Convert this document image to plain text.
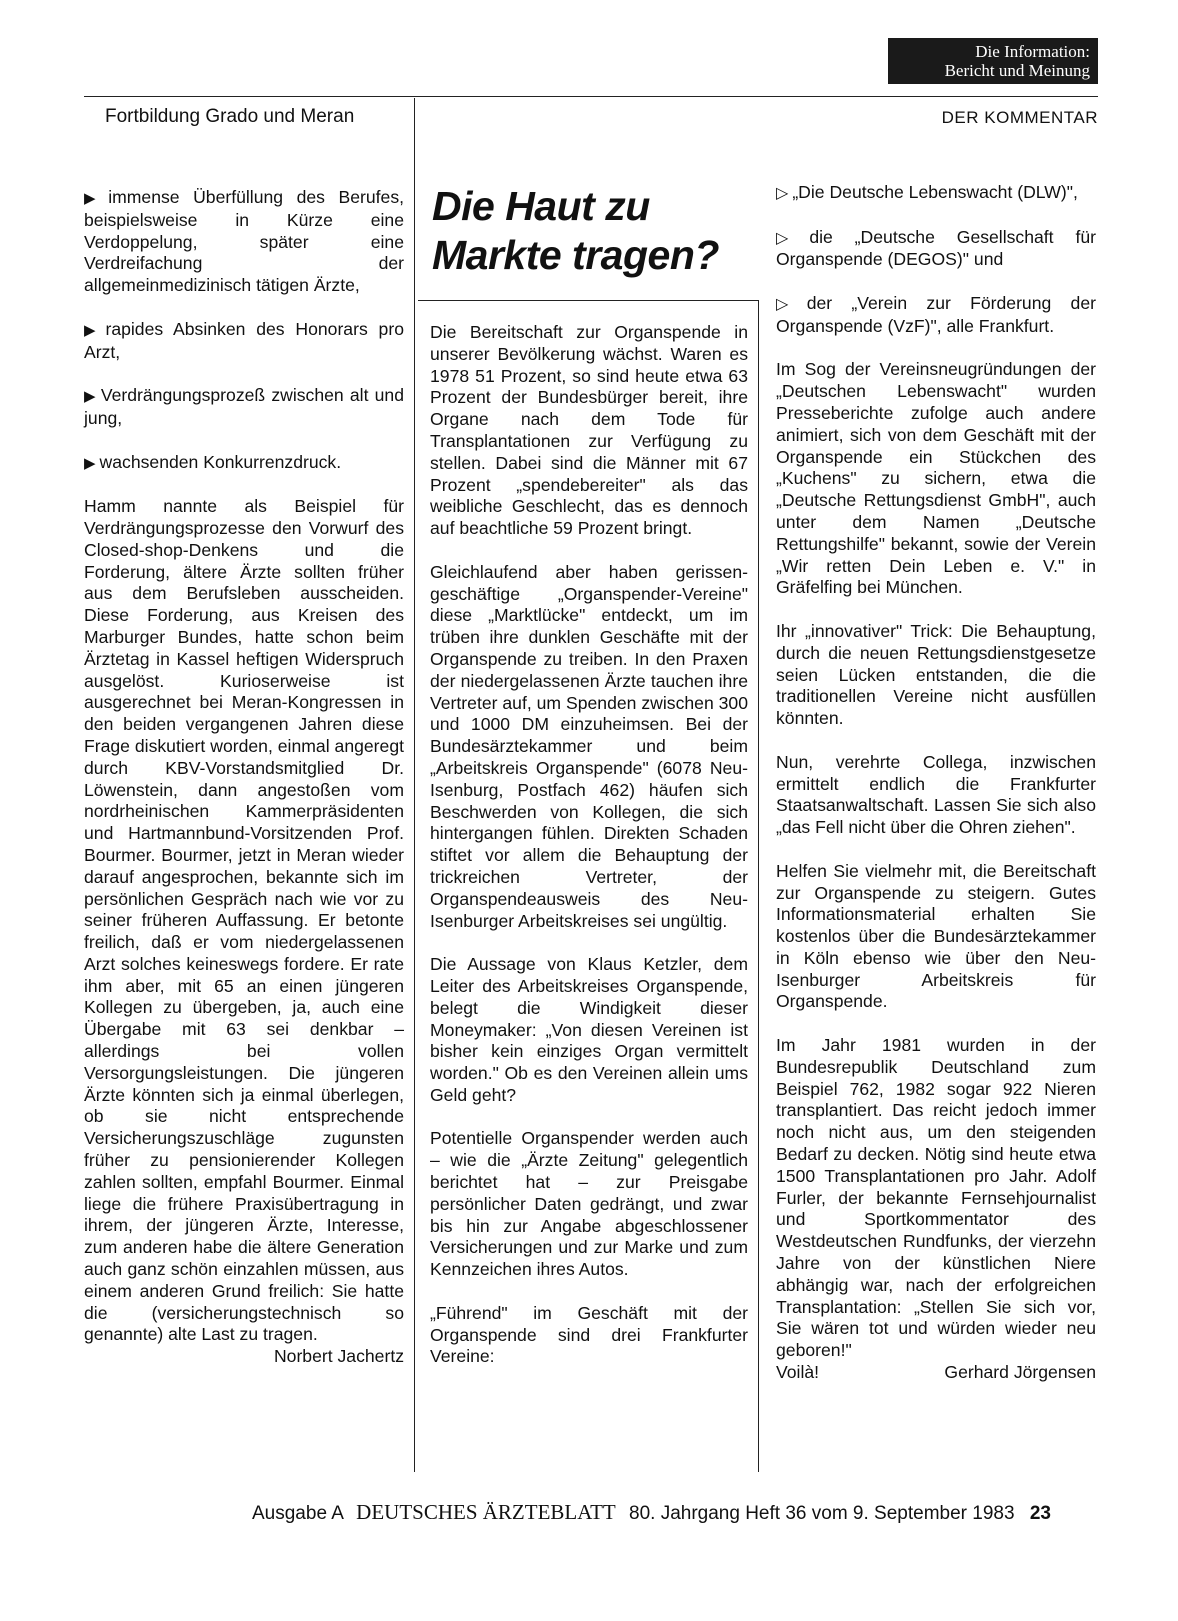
Die Information:
Bericht und Meinung
Fortbildung Grado und Meran	DER KOMMENTAR

▶ immense Überfüllung des Berufes, beispielsweise in Kürze eine Verdoppelung, später eine Verdreifachung der allgemeinmedizinisch tätigen Ärzte,

▶ rapides Absinken des Honorars pro Arzt,

▶ Verdrängungsprozeß zwischen alt und jung,

▶ wachsenden Konkurrenzdruck.

Hamm nannte als Beispiel für Verdrängungsprozesse den Vorwurf des Closed-shop-Denkens und die Forderung, ältere Ärzte sollten früher aus dem Berufsleben ausscheiden. Diese Forderung, aus Kreisen des Marburger Bundes, hatte schon beim Ärztetag in Kassel heftigen Widerspruch ausgelöst. Kurioserweise ist ausgerechnet bei Meran-Kongressen in den beiden vergangenen Jahren diese Frage diskutiert worden, einmal angeregt durch KBV-Vorstandsmitglied Dr. Löwenstein, dann angestoßen vom nordrheinischen Kammerpräsidenten und Hartmannbund-Vorsitzenden Prof. Bourmer. Bourmer, jetzt in Meran wieder darauf angesprochen, bekannte sich im persönlichen Gespräch nach wie vor zu seiner früheren Auffassung. Er betonte freilich, daß er vom niedergelassenen Arzt solches keineswegs fordere. Er rate ihm aber, mit 65 an einen jüngeren Kollegen zu übergeben, ja, auch eine Übergabe mit 63 sei denkbar – allerdings bei vollen Versorgungsleistungen. Die jüngeren Ärzte könnten sich ja einmal überlegen, ob sie nicht entsprechende Versicherungszuschläge zugunsten früher zu pensionierender Kollegen zahlen sollten, empfahl Bourmer. Einmal liege die frühere Praxisübertragung in ihrem, der jüngeren Ärzte, Interesse, zum anderen habe die ältere Generation auch ganz schön einzahlen müssen, aus einem anderen Grund freilich: Sie hatte die (versicherungstechnisch so genannte) alte Last zu tragen.

Norbert Jachertz
Die Haut zu
Markte tragen?

Die Bereitschaft zur Organspende in unserer Bevölkerung wächst. Waren es 1978 51 Prozent, so sind heute etwa 63 Prozent der Bundesbürger bereit, ihre Organe nach dem Tode für Transplantationen zur Verfügung zu stellen. Dabei sind die Männer mit 67 Prozent „spendebereiter" als das weibliche Geschlecht, das es dennoch auf beachtliche 59 Prozent bringt.

Gleichlaufend aber haben gerissen-geschäftige „Organspender-Vereine" diese „Marktlücke" entdeckt, um im trüben ihre dunklen Geschäfte mit der Organspende zu treiben. In den Praxen der niedergelassenen Ärzte tauchen ihre Vertreter auf, um Spenden zwischen 300 und 1000 DM einzuheimsen. Bei der Bundesärztekammer und beim „Arbeitskreis Organspende" (6078 Neu-Isenburg, Postfach 462) häufen sich Beschwerden von Kollegen, die sich hintergangen fühlen. Direkten Schaden stiftet vor allem die Behauptung der trickreichen Vertreter, der Organspendeausweis des Neu-Isenburger Arbeitskreises sei ungültig.

Die Aussage von Klaus Ketzler, dem Leiter des Arbeitskreises Organspende, belegt die Windigkeit dieser Moneymaker: „Von diesen Vereinen ist bisher kein einziges Organ vermittelt worden." Ob es den Vereinen allein ums Geld geht?

Potentielle Organspender werden auch – wie die „Ärzte Zeitung" gelegentlich berichtet hat – zur Preisgabe persönlicher Daten gedrängt, und zwar bis hin zur Angabe abgeschlossener Versicherungen und zur Marke und zum Kennzeichen ihres Autos.

„Führend" im Geschäft mit der Organspende sind drei Frankfurter Vereine:

▷ „Die Deutsche Lebenswacht (DLW)",

▷ die „Deutsche Gesellschaft für Organspende (DEGOS)" und

▷ der „Verein zur Förderung der Organspende (VzF)", alle Frankfurt.

Im Sog der Vereinsneugründungen der „Deutschen Lebenswacht" wurden Presseberichte zufolge auch andere animiert, sich von dem Geschäft mit der Organspende ein Stückchen des „Kuchens" zu sichern, etwa die „Deutsche Rettungsdienst GmbH", auch unter dem Namen „Deutsche Rettungshilfe" bekannt, sowie der Verein „Wir retten Dein Leben e. V." in Gräfelfing bei München.

Ihr „innovativer" Trick: Die Behauptung, durch die neuen Rettungsdienstgesetze seien Lücken entstanden, die die traditionellen Vereine nicht ausfüllen könnten.

Nun, verehrte Collega, inzwischen ermittelt endlich die Frankfurter Staatsanwaltschaft. Lassen Sie sich also „das Fell nicht über die Ohren ziehen".

Helfen Sie vielmehr mit, die Bereitschaft zur Organspende zu steigern. Gutes Informationsmaterial erhalten Sie kostenlos über die Bundesärztekammer in Köln ebenso wie über den Neu-Isenburger Arbeitskreis für Organspende.

Im Jahr 1981 wurden in der Bundesrepublik Deutschland zum Beispiel 762, 1982 sogar 922 Nieren transplantiert. Das reicht jedoch immer noch nicht aus, um den steigenden Bedarf zu decken. Nötig sind heute etwa 1500 Transplantationen pro Jahr. Adolf Furler, der bekannte Fernsehjournalist und Sportkommentator des Westdeutschen Rundfunks, der vierzehn Jahre von der künstlichen Niere abhängig war, nach der erfolgreichen Transplantation: „Stellen Sie sich vor, Sie wären tot und würden wieder neu geboren!"

Voilà!	Gerhard Jörgensen
Ausgabe A DEUTSCHES ÄRZTEBLATT 80. Jahrgang Heft 36 vom 9. September 1983 23
